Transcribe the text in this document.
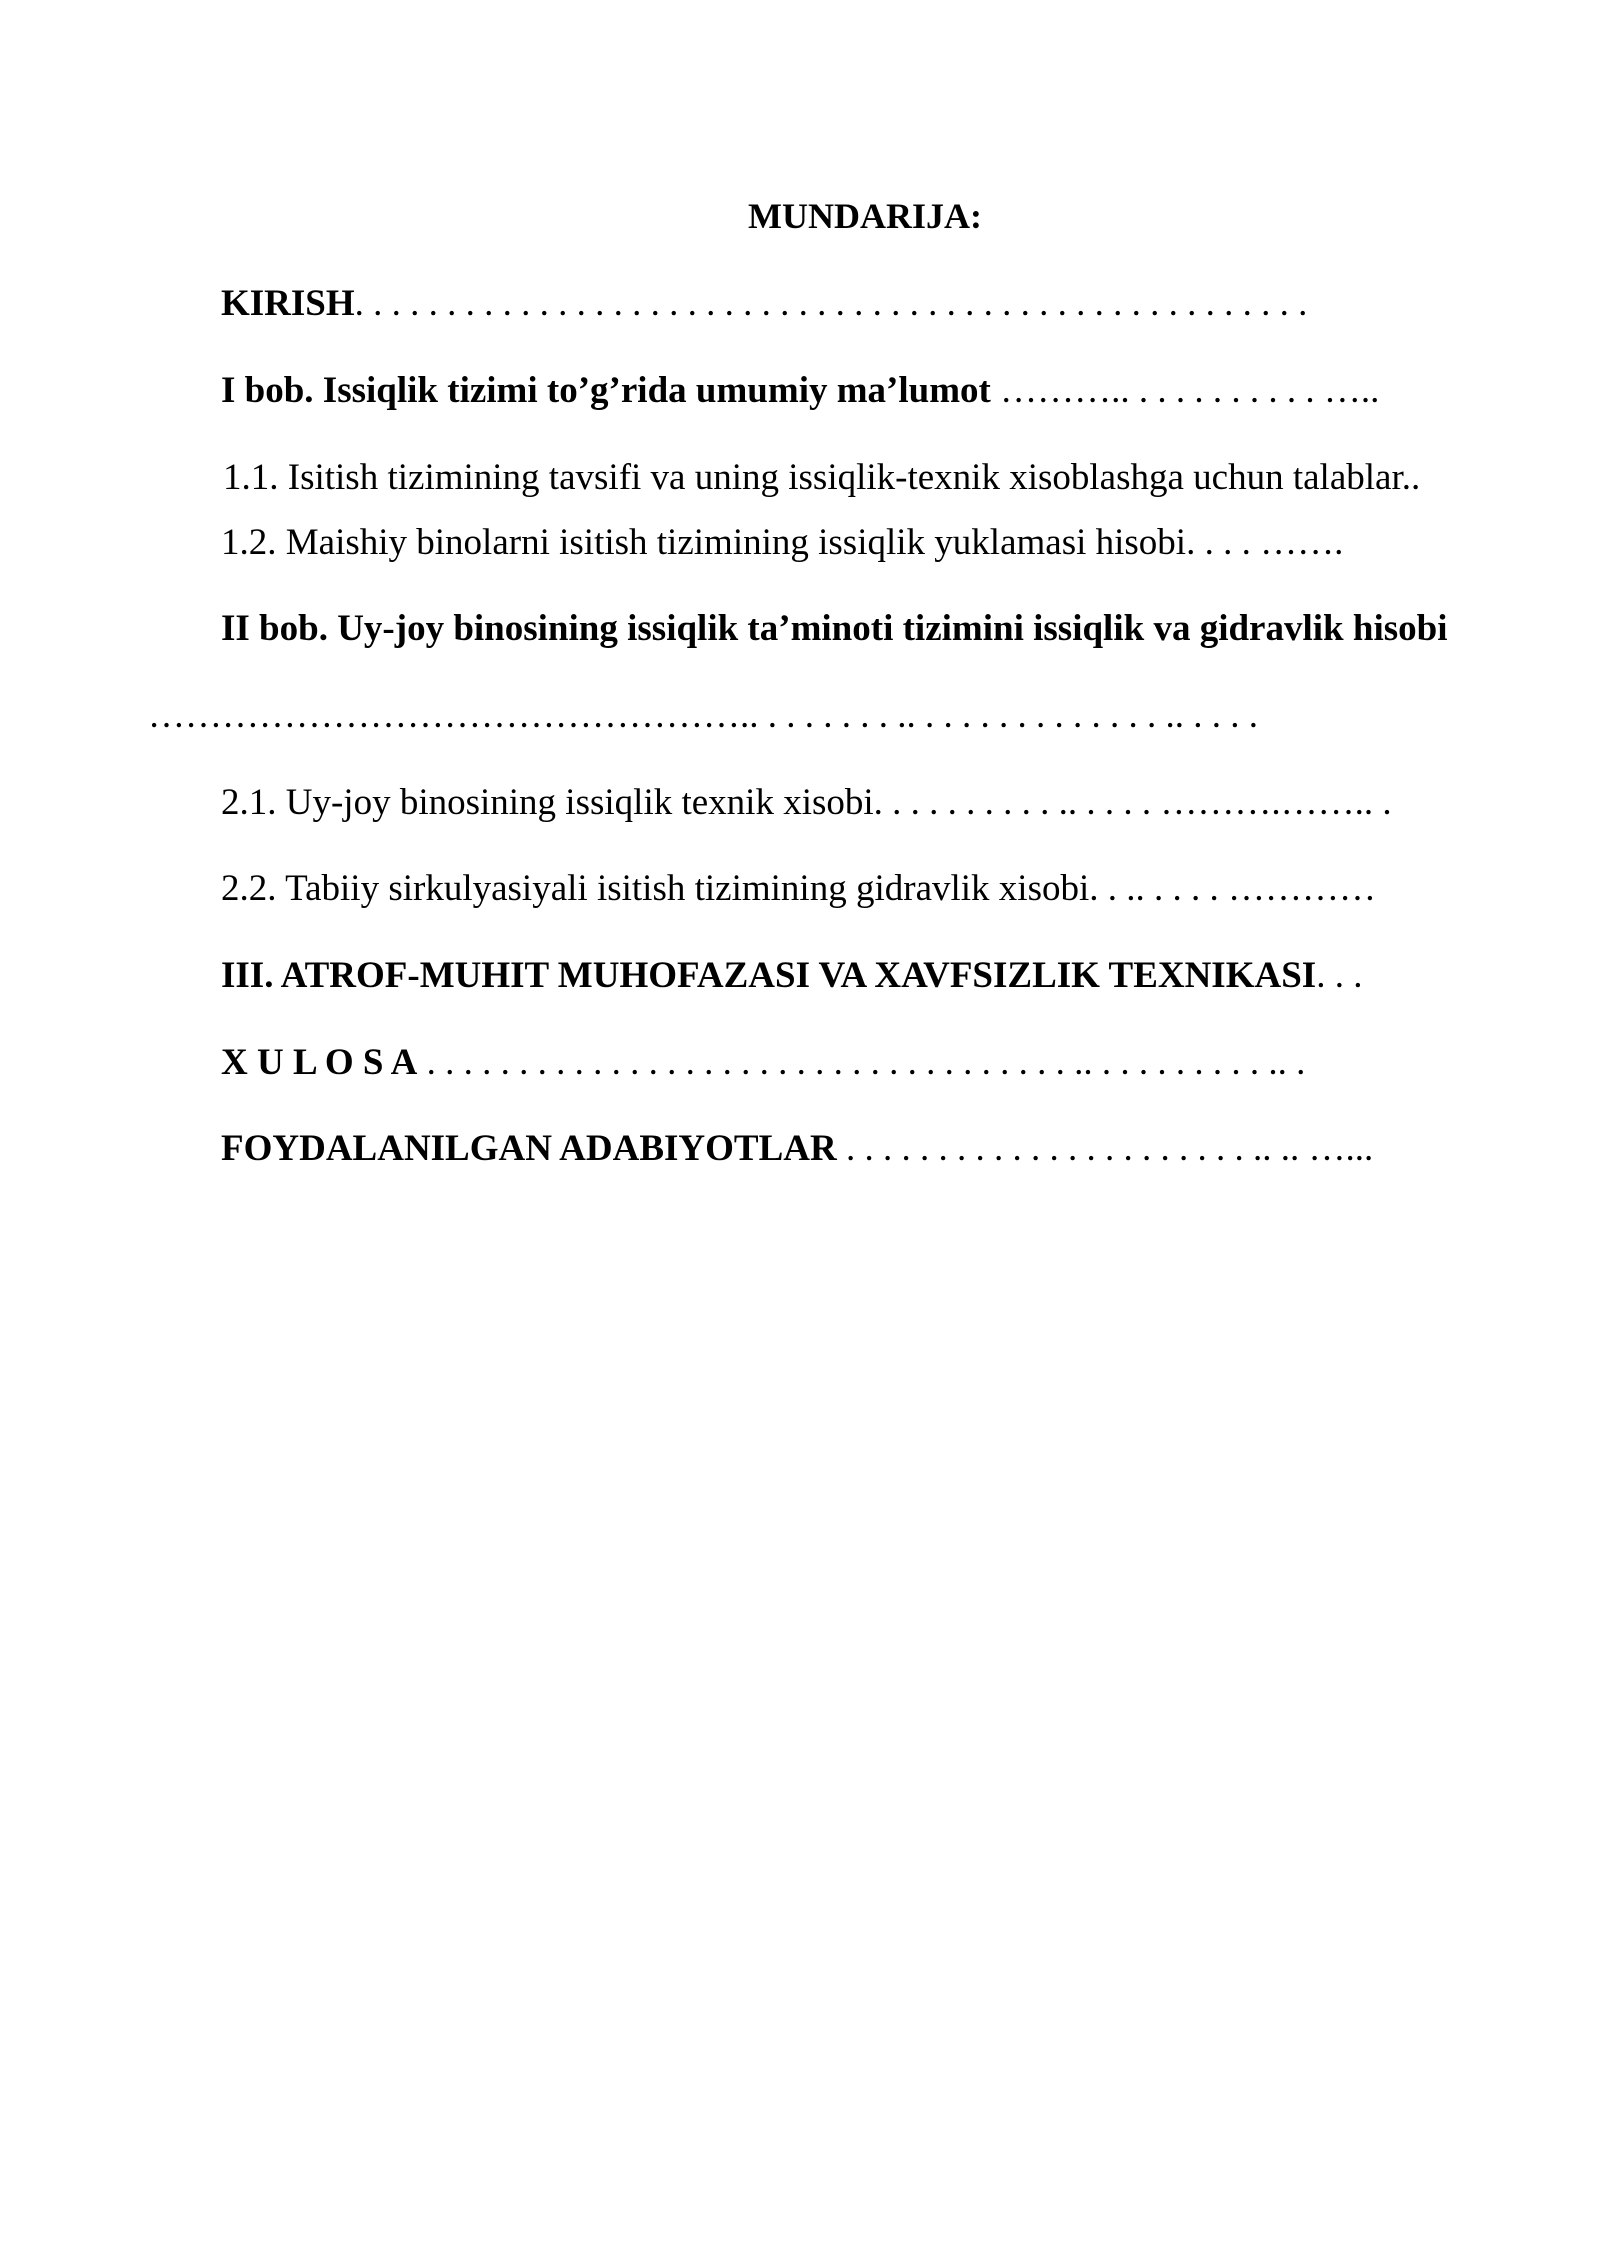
MUNDARIJA:

KIRISH. . . . . . . . . . . . . . . . . . . . . . . . . . . . . . . . . . . . . . . . . . . . . . . . . . . .

I bob. Issiqlik tizimi to’g’rida umumiy ma’lumot ……….. . . . . . . . . . . …..

1.1. Isitish tizimining tavsifi va uning issiqlik-texnik xisoblashga uchun talablar..

1.2. Maishiy binolarni isitish tizimining issiqlik yuklamasi hisobi. . . . …….

II bob. Uy-joy binosining issiqlik ta’minoti tizimini issiqlik va gidravlik hisobi

………………………………………….. . . . . . . . .. . . . . . . . . . . . . . .. . . . .

2.1. Uy-joy binosining issiqlik texnik xisobi. . . . . . . . . . .. . . . . ……….…….. .

2.2. Tabiiy sirkulyasiyali isitish tizimining gidravlik xisobi. . .. . . . . …………

III. ATROF-MUHIT MUHOFAZASI VA XAVFSIZLIK TEXNIKASI. . .

X U L O S A . . . . . . . . . . . . . . . . . . . . . . . . . . . . . . . . . . . .. . . . . . . . . . .. .

FOYDALANILGAN ADABIYOTLAR . . . . . . . . . . . . . . . . . . . . . . .. .. …...
